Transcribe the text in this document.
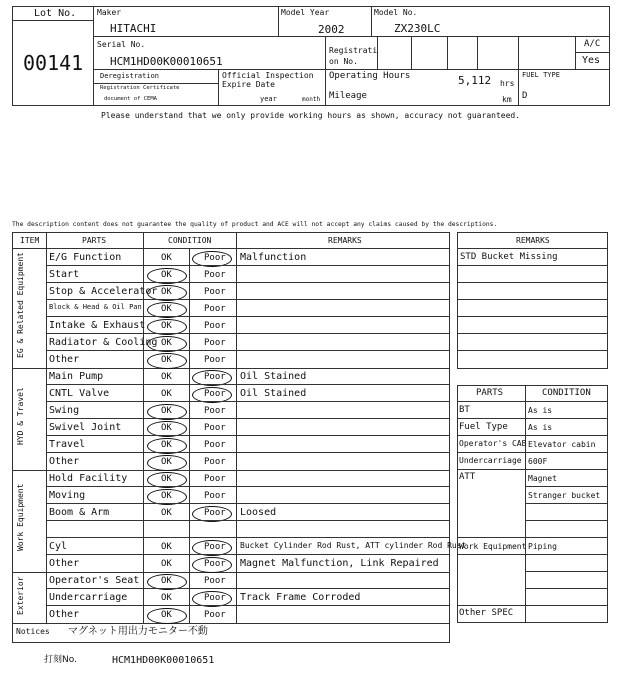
Lot No.
00141
Maker
HITACHI
Model Year
2002
Model No.
ZX230LC
Serial No.
HCM1HD00K00010651
Registrati
on No.
A/C
Yes
Deregistration
Registration Certificate
document of CEMA
Official Inspection
Expire Date
year	month
Operating Hours	5,112 hrs
Mileage	km
FUEL TYPE
D
Please understand that we only provide working hours as shown, accuracy not guaranteed.
The description content does not guarantee the quality of product and ACE will not accept any claims caused by the descriptions.
ITEM	PARTS	CONDITION	REMARKS
EG & Related Equipment
HYD & Travel
Work Equipment
Exterior
E/G Function	OK	Poor Malfunction
Start	OK	Poor
Stop & Accelerator OK	Poor
Block & Head & Oil Pan OK	Poor
Intake & Exhaust OK	Poor
Radiator & Cooling OK	Poor
Other	OK	Poor
Main Pump	OK	Poor Oil Stained
CNTL Valve	OK	Poor Oil Stained
Swing	OK	Poor
Swivel Joint	OK	Poor
Travel	OK	Poor
Other	OK	Poor
Hold Facility	OK	Poor
Moving	OK	Poor
Boom & Arm	OK	Poor Loosed
Cyl	OK	Poor Bucket Cylinder Rod Rust, ATT cylinder Rod Rust
Other	OK	Poor Magnet Malfunction, Link Repaired
Operator's Seat OK	Poor
Undercarriage	OK	Poor Track Frame Corroded
Other	OK	Poor
Notices マグネット用出力モニター不動
REMARKS
STD Bucket Missing
PARTS	CONDITION
BT	As is
Fuel Type	As is
Operator's CAB Elevator cabin
Undercarriage 600F
ATT	Magnet
Stranger bucket
Work Equipment Piping
Other SPEC
打刻No.	HCM1HD00K00010651
